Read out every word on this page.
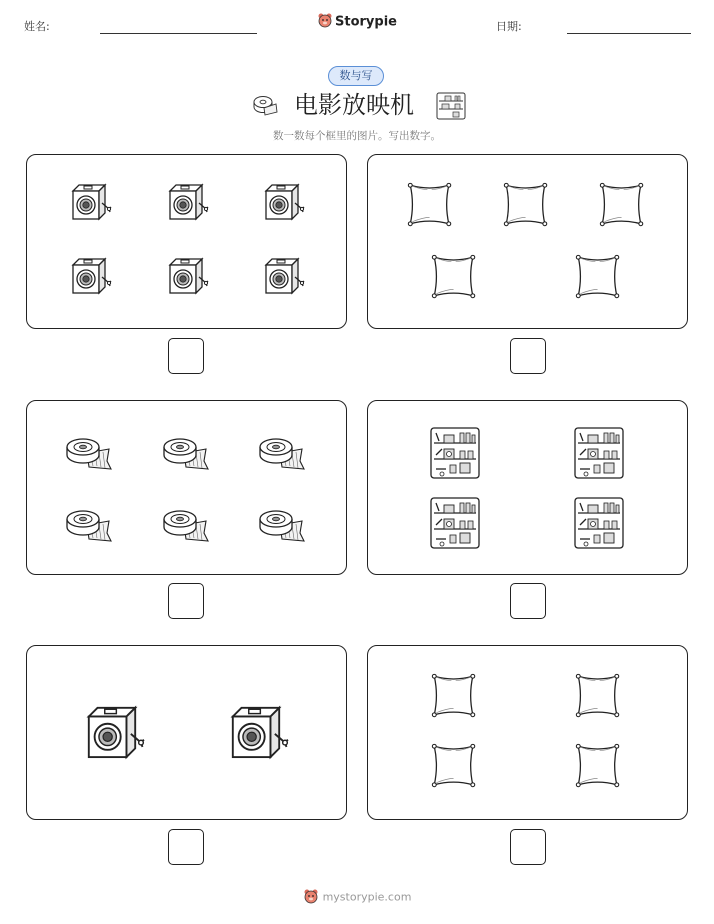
姓名:	Storypie	日期:
数与写
电影放映机
数一数每个框里的图片。写出数字。
mystorypie.com
